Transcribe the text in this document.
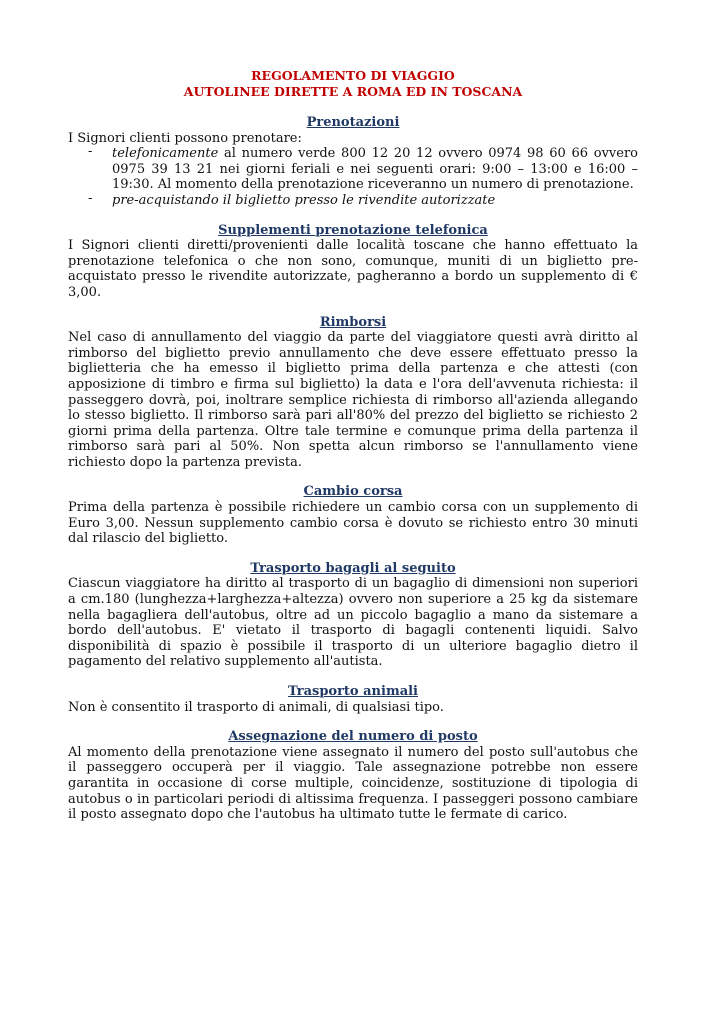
REGOLAMENTO DI VIAGGIO

AUTOLINEE DIRETTE A ROMA ED IN TOSCANA

Prenotazioni

I Signori clienti possono prenotare:

- telefonicamente al numero verde 800 12 20 12 ovvero 0974 98 60 66 ovvero 0975 39 13 21 nei giorni feriali e nei seguenti orari: 9:00 – 13:00 e 16:00 – 19:30. Al momento della prenotazione riceveranno un numero di prenotazione.
- pre-acquistando il biglietto presso le rivendite autorizzate
Supplementi prenotazione telefonica

I Signori clienti diretti/provenienti dalle località toscane che hanno effettuato la prenotazione telefonica o che non sono, comunque, muniti di un biglietto pre-acquistato presso le rivendite autorizzate, pagheranno a bordo un supplemento di € 3,00.

Rimborsi

Nel caso di annullamento del viaggio da parte del viaggiatore questi avrà diritto al rimborso del biglietto previo annullamento che deve essere effettuato presso la biglietteria che ha emesso il biglietto prima della partenza e che attesti (con apposizione di timbro e firma sul biglietto) la data e l'ora dell'avvenuta richiesta: il passeggero dovrà, poi, inoltrare semplice richiesta di rimborso all'azienda allegando lo stesso biglietto. Il rimborso sarà pari all'80% del prezzo del biglietto se richiesto 2 giorni prima della partenza. Oltre tale termine e comunque prima della partenza il rimborso sarà pari al 50%. Non spetta alcun rimborso se l'annullamento viene richiesto dopo la partenza prevista.

Cambio corsa

Prima della partenza è possibile richiedere un cambio corsa con un supplemento di Euro 3,00. Nessun supplemento cambio corsa è dovuto se richiesto entro 30 minuti dal rilascio del biglietto.

Trasporto bagagli al seguito

Ciascun viaggiatore ha diritto al trasporto di un bagaglio di dimensioni non superiori a cm.180 (lunghezza+larghezza+altezza) ovvero non superiore a 25 kg da sistemare nella bagagliera dell'autobus, oltre ad un piccolo bagaglio a mano da sistemare a bordo dell'autobus. E' vietato il trasporto di bagagli contenenti liquidi. Salvo disponibilità di spazio è possibile il trasporto di un ulteriore bagaglio dietro il pagamento del relativo supplemento all'autista.

Trasporto animali

Non è consentito il trasporto di animali, di qualsiasi tipo.

Assegnazione del numero di posto

Al momento della prenotazione viene assegnato il numero del posto sull'autobus che il passeggero occuperà per il viaggio. Tale assegnazione potrebbe non essere garantita in occasione di corse multiple, coincidenze, sostituzione di tipologia di autobus o in particolari periodi di altissima frequenza. I passeggeri possono cambiare il posto assegnato dopo che l'autobus ha ultimato tutte le fermate di carico.
